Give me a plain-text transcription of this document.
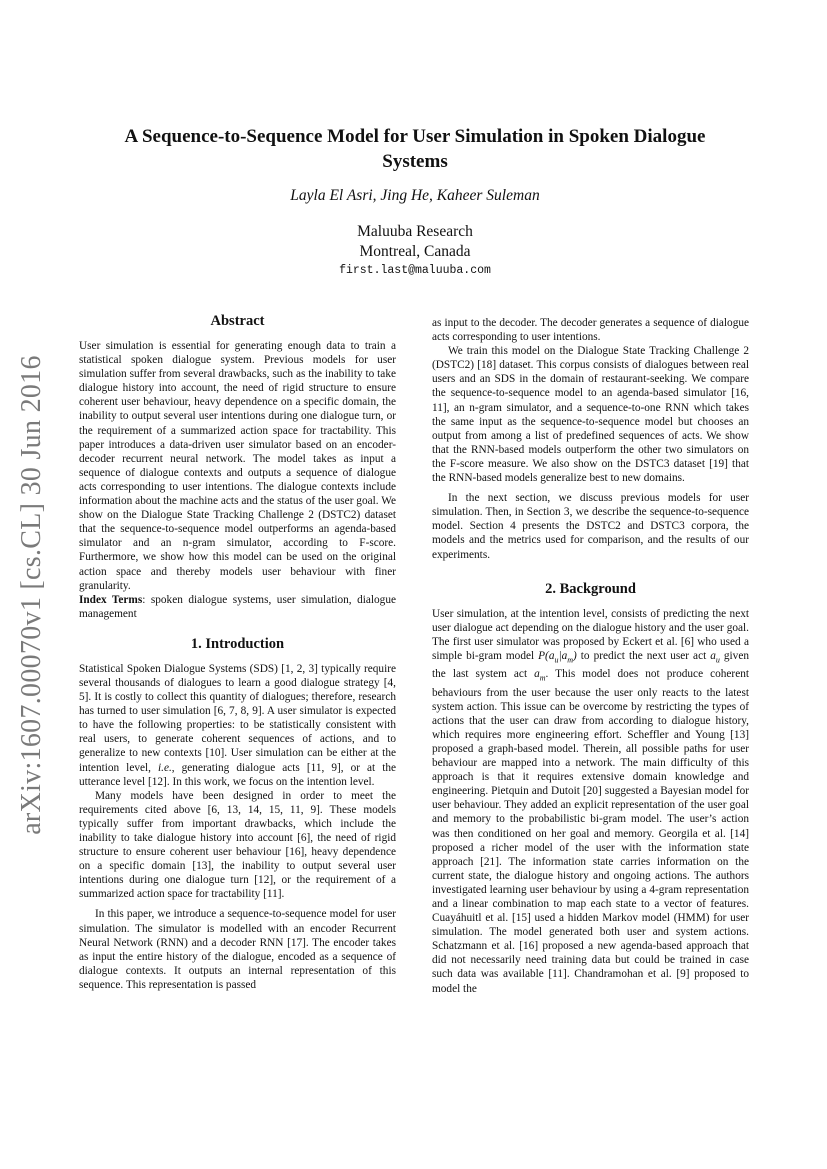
arXiv:1607.00070v1 [cs.CL] 30 Jun 2016
A Sequence-to-Sequence Model for User Simulation in Spoken Dialogue Systems
Layla El Asri, Jing He, Kaheer Suleman
Maluuba Research
Montreal, Canada
first.last@maluuba.com
Abstract

User simulation is essential for generating enough data to train a statistical spoken dialogue system. Previous models for user simulation suffer from several drawbacks, such as the inability to take dialogue history into account, the need of rigid structure to ensure coherent user behaviour, heavy dependence on a specific domain, the inability to output several user intentions during one dialogue turn, or the requirement of a summarized action space for tractability. This paper introduces a data-driven user simulator based on an encoder-decoder recurrent neural network. The model takes as input a sequence of dialogue contexts and outputs a sequence of dialogue acts corresponding to user intentions. The dialogue contexts include information about the machine acts and the status of the user goal. We show on the Dialogue State Tracking Challenge 2 (DSTC2) dataset that the sequence-to-sequence model outperforms an agenda-based simulator and an n-gram simulator, according to F-score. Furthermore, we show how this model can be used on the original action space and thereby models user behaviour with finer granularity.

Index Terms: spoken dialogue systems, user simulation, dialogue management

1. Introduction

Statistical Spoken Dialogue Systems (SDS) [1, 2, 3] typically require several thousands of dialogues to learn a good dialogue strategy [4, 5]. It is costly to collect this quantity of dialogues; therefore, research has turned to user simulation [6, 7, 8, 9]. A user simulator is expected to have the following properties: to be statistically consistent with real users, to generate coherent sequences of actions, and to generalize to new contexts [10]. User simulation can be either at the intention level, i.e., generating dialogue acts [11, 9], or at the utterance level [12]. In this work, we focus on the intention level.

Many models have been designed in order to meet the requirements cited above [6, 13, 14, 15, 11, 9]. These models typically suffer from important drawbacks, which include the inability to take dialogue history into account [6], the need of rigid structure to ensure coherent user behaviour [16], heavy dependence on a specific domain [13], the inability to output several user intentions during one dialogue turn [12], or the requirement of a summarized action space for tractability [11].

In this paper, we introduce a sequence-to-sequence model for user simulation. The simulator is modelled with an encoder Recurrent Neural Network (RNN) and a decoder RNN [17]. The encoder takes as input the entire history of the dialogue, encoded as a sequence of dialogue contexts. It outputs an internal representation of this sequence. This representation is passed

as input to the decoder. The decoder generates a sequence of dialogue acts corresponding to user intentions.

We train this model on the Dialogue State Tracking Challenge 2 (DSTC2) [18] dataset. This corpus consists of dialogues between real users and an SDS in the domain of restaurant-seeking. We compare the sequence-to-sequence model to an agenda-based simulator [16, 11], an n-gram simulator, and a sequence-to-one RNN which takes the same input as the sequence-to-sequence model but chooses an output from among a list of predefined sequences of acts. We show that the RNN-based models outperform the other two simulators on the F-score measure. We also show on the DSTC3 dataset [19] that the RNN-based models generalize best to new domains.

In the next section, we discuss previous models for user simulation. Then, in Section 3, we describe the sequence-to-sequence model. Section 4 presents the DSTC2 and DSTC3 corpora, the models and the metrics used for comparison, and the results of our experiments.

2. Background

User simulation, at the intention level, consists of predicting the next user dialogue act depending on the dialogue history and the user goal. The first user simulator was proposed by Eckert et al. [6] who used a simple bi-gram model $P(a_u|a_m)$ to predict the next user act $a_u$ given the last system act $a_m$. This model does not produce coherent behaviours from the user because the user only reacts to the latest system action. This issue can be overcome by restricting the types of actions that the user can draw from according to dialogue history, which requires more engineering effort. Scheffler and Young [13] proposed a graph-based model. Therein, all possible paths for user behaviour are mapped into a network. The main difficulty of this approach is that it requires extensive domain knowledge and engineering. Pietquin and Dutoit [20] suggested a Bayesian model for user behaviour. They added an explicit representation of the user goal and memory to the probabilistic bi-gram model. The user’s action was then conditioned on her goal and memory. Georgila et al. [14] proposed a richer model of the user with the information state approach [21]. The information state carries information on the current state, the dialogue history and ongoing actions. The authors investigated learning user behaviour by using a 4-gram representation and a linear combination to map each state to a vector of features. Cuayáhuitl et al. [15] used a hidden Markov model (HMM) for user simulation. The model generated both user and system actions. Schatzmann et al. [16] proposed a new agenda-based approach that did not necessarily need training data but could be trained in case such data was available [11]. Chandramohan et al. [9] proposed to model the
